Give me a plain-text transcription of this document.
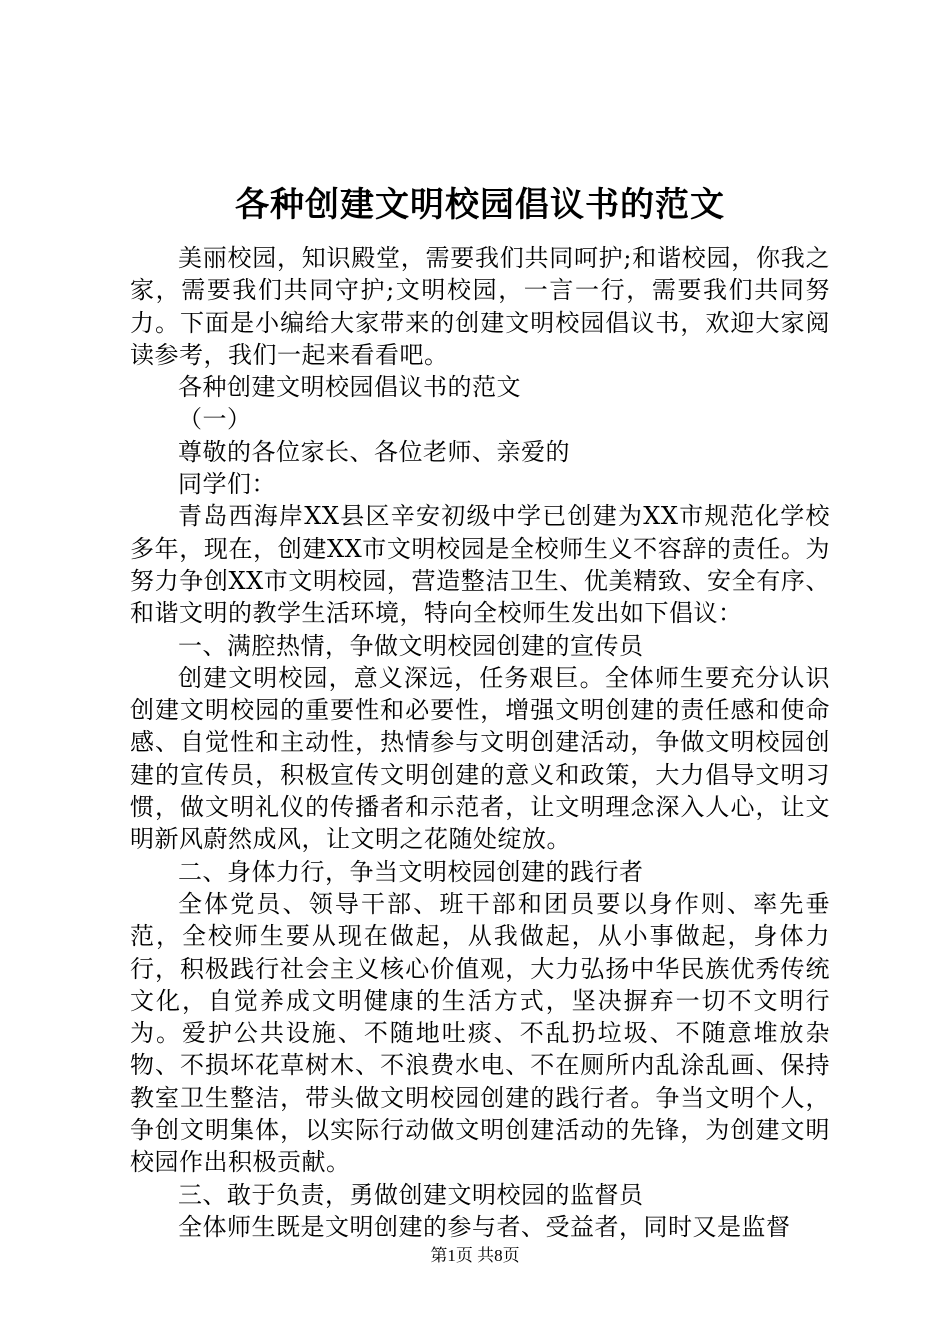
各种创建文明校园倡议书的范文

美丽校园，知识殿堂，需要我们共同呵护;和谐校园，你我之家，需要我们共同守护;文明校园，一言一行，需要我们共同努力。下面是小编给大家带来的创建文明校园倡议书，欢迎大家阅读参考，我们一起来看看吧。

各种创建文明校园倡议书的范文

（一）

尊敬的各位家长、各位老师、亲爱的

同学们：

青岛西海岸XX县区辛安初级中学已创建为XX市规范化学校多年，现在，创建XX市文明校园是全校师生义不容辞的责任。为努力争创XX市文明校园，营造整洁卫生、优美精致、安全有序、和谐文明的教学生活环境，特向全校师生发出如下倡议：

一、满腔热情，争做文明校园创建的宣传员

创建文明校园，意义深远，任务艰巨。全体师生要充分认识创建文明校园的重要性和必要性，增强文明创建的责任感和使命感、自觉性和主动性，热情参与文明创建活动，争做文明校园创建的宣传员，积极宣传文明创建的意义和政策，大力倡导文明习惯，做文明礼仪的传播者和示范者，让文明理念深入人心，让文明新风蔚然成风，让文明之花随处绽放。

二、身体力行，争当文明校园创建的践行者

全体党员、领导干部、班干部和团员要以身作则、率先垂范，全校师生要从现在做起，从我做起，从小事做起，身体力行，积极践行社会主义核心价值观，大力弘扬中华民族优秀传统文化，自觉养成文明健康的生活方式，坚决摒弃一切不文明行为。爱护公共设施、不随地吐痰、不乱扔垃圾、不随意堆放杂物、不损坏花草树木、不浪费水电、不在厕所内乱涂乱画、保持教室卫生整洁，带头做文明校园创建的践行者。争当文明个人，争创文明集体，以实际行动做文明创建活动的先锋，为创建文明校园作出积极贡献。

三、敢于负责，勇做创建文明校园的监督员

全体师生既是文明创建的参与者、受益者，同时又是监督

第1页 共8页
